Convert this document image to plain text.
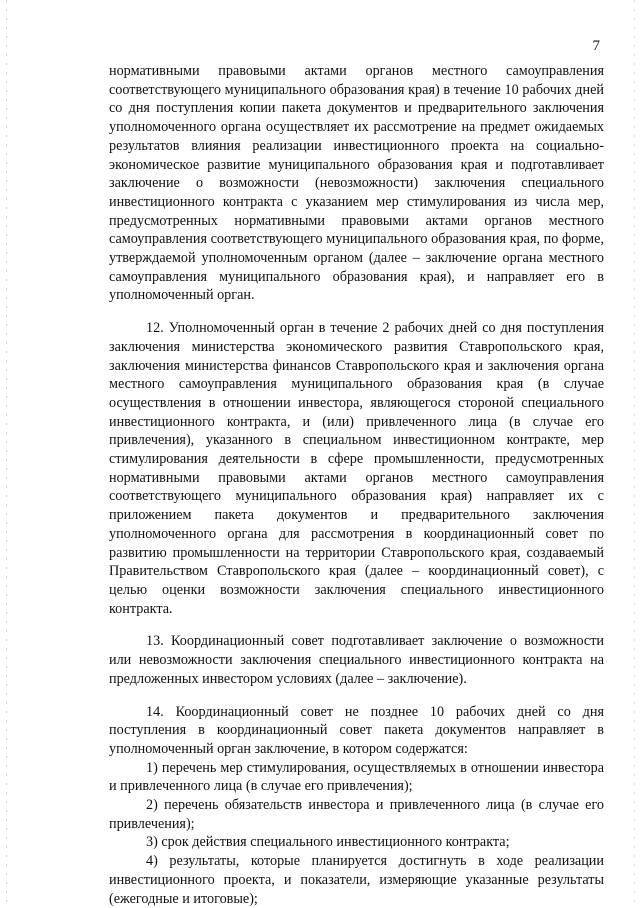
7

нормативными правовыми актами органов местного самоуправления соответствующего муниципального образования края) в течение 10 рабочих дней со дня поступления копии пакета документов и предварительного заключения уполномоченного органа осуществляет их рассмотрение на предмет ожидаемых результатов влияния реализации инвестиционного проекта на социально-экономическое развитие муниципального образования края и подготавливает заключение о возможности (невозможности) заключения специального инвестиционного контракта с указанием мер стимулирования из числа мер, предусмотренных нормативными правовыми актами органов местного самоуправления соответствующего муниципального образования края, по форме, утверждаемой уполномоченным органом (далее – заключение органа местного самоуправления муниципального образования края), и направляет его в уполномоченный орган.

12. Уполномоченный орган в течение 2 рабочих дней со дня поступления заключения министерства экономического развития Ставропольского края, заключения министерства финансов Ставропольского края и заключения органа местного самоуправления муниципального образования края (в случае осуществления в отношении инвестора, являющегося стороной специального инвестиционного контракта, и (или) привлеченного лица (в случае его привлечения), указанного в специальном инвестиционном контракте, мер стимулирования деятельности в сфере промышленности, предусмотренных нормативными правовыми актами органов местного самоуправления соответствующего муниципального образования края) направляет их с приложением пакета документов и предварительного заключения уполномоченного органа для рассмотрения в координационный совет по развитию промышленности на территории Ставропольского края, создаваемый Правительством Ставропольского края (далее – координационный совет), с целью оценки возможности заключения специального инвестиционного контракта.

13. Координационный совет подготавливает заключение о возможности или невозможности заключения специального инвестиционного контракта на предложенных инвестором условиях (далее – заключение).

14. Координационный совет не позднее 10 рабочих дней со дня поступления в координационный совет пакета документов направляет в уполномоченный орган заключение, в котором содержатся:

1) перечень мер стимулирования, осуществляемых в отношении инвестора и привлеченного лица (в случае его привлечения);

2) перечень обязательств инвестора и привлеченного лица (в случае его привлечения);

3) срок действия специального инвестиционного контракта;

4) результаты, которые планируется достигнуть в ходе реализации инвестиционного проекта, и показатели, измеряющие указанные результаты (ежегодные и итоговые);
